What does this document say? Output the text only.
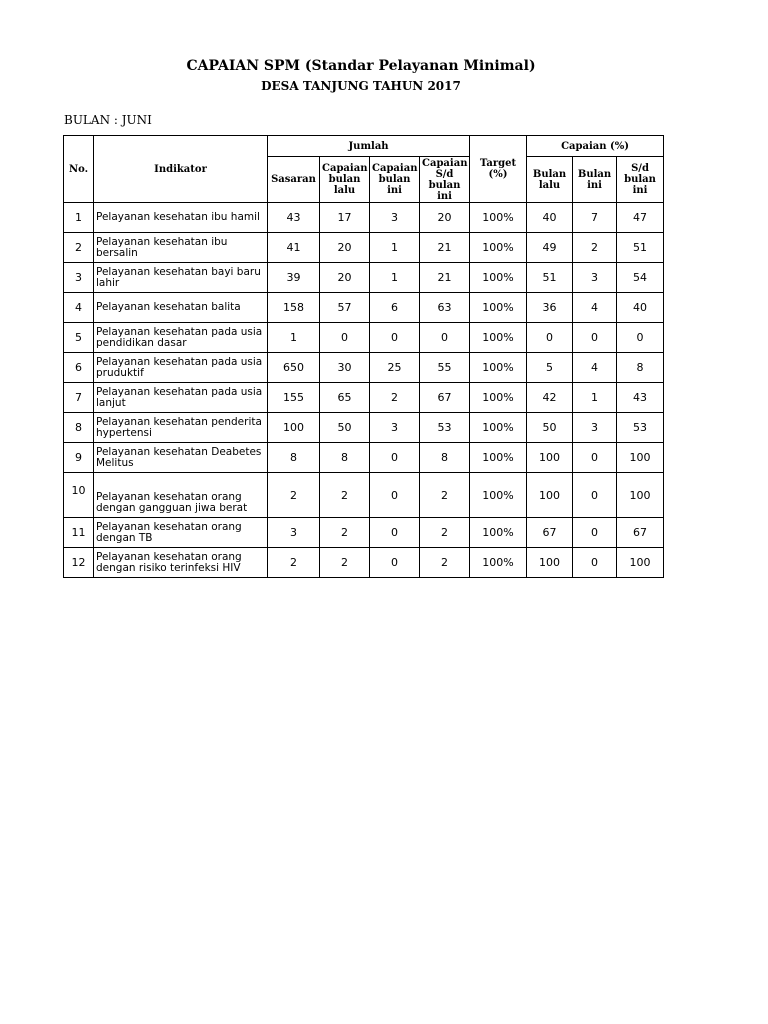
CAPAIAN SPM (Standar Pelayanan Minimal)
DESA TANJUNG TAHUN 2017
BULAN : JUNI
No.	Indikator	Jumlah				Target (%)	Capaian (%)		
		Sasaran	Capaian bulan lalu	Capaian bulan ini	Capaian S/d bulan ini		Bulan lalu	Bulan ini	S/d bulan ini
1	Pelayanan kesehatan ibu hamil	43	17	3	20	100%	40	7	47
2	Pelayanan kesehatan ibu bersalin	41	20	1	21	100%	49	2	51
3	Pelayanan kesehatan bayi baru lahir	39	20	1	21	100%	51	3	54
4	Pelayanan kesehatan balita	158	57	6	63	100%	36	4	40
5	Pelayanan kesehatan pada usia pendidikan dasar	1	0	0	0	100%	0	0	0
6	Pelayanan kesehatan pada usia pruduktif	650	30	25	55	100%	5	4	8
7	Pelayanan kesehatan pada usia lanjut	155	65	2	67	100%	42	1	43
8	Pelayanan kesehatan penderita hypertensi	100	50	3	53	100%	50	3	53
9	Pelayanan kesehatan Deabetes Melitus	8	8	0	8	100%	100	0	100
10	Pelayanan kesehatan orang dengan gangguan jiwa berat	2	2	0	2	100%	100	0	100
11	Pelayanan kesehatan orang dengan TB	3	2	0	2	100%	67	0	67
12	Pelayanan kesehatan orang dengan risiko terinfeksi HIV	2	2	0	2	100%	100	0	100
